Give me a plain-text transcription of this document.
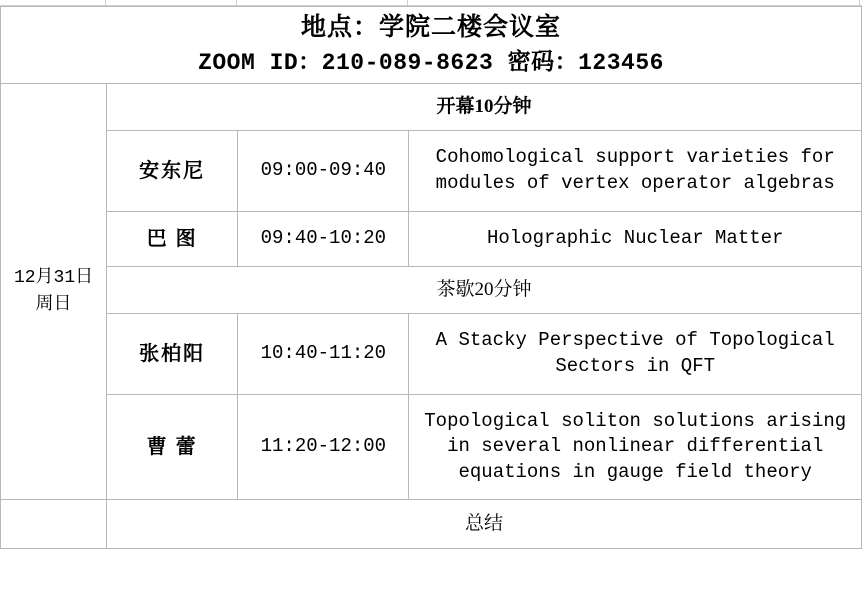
地点：学院二楼会议室
ZOOM ID：210-089-8623 密码：123456			

12月31日
周日	开幕10分钟		
	安东尼	09:00-09:40	Cohomological support varieties for modules of vertex operator algebras
	巴 图	09:40-10:20	Holographic Nuclear Matter
	茶歇20分钟		
	张柏阳	10:40-11:20	A Stacky Perspective of Topological Sectors in QFT
	曹 蕾	11:20-12:00	Topological soliton solutions arising in several nonlinear differential equations in gauge field theory
	总结		
